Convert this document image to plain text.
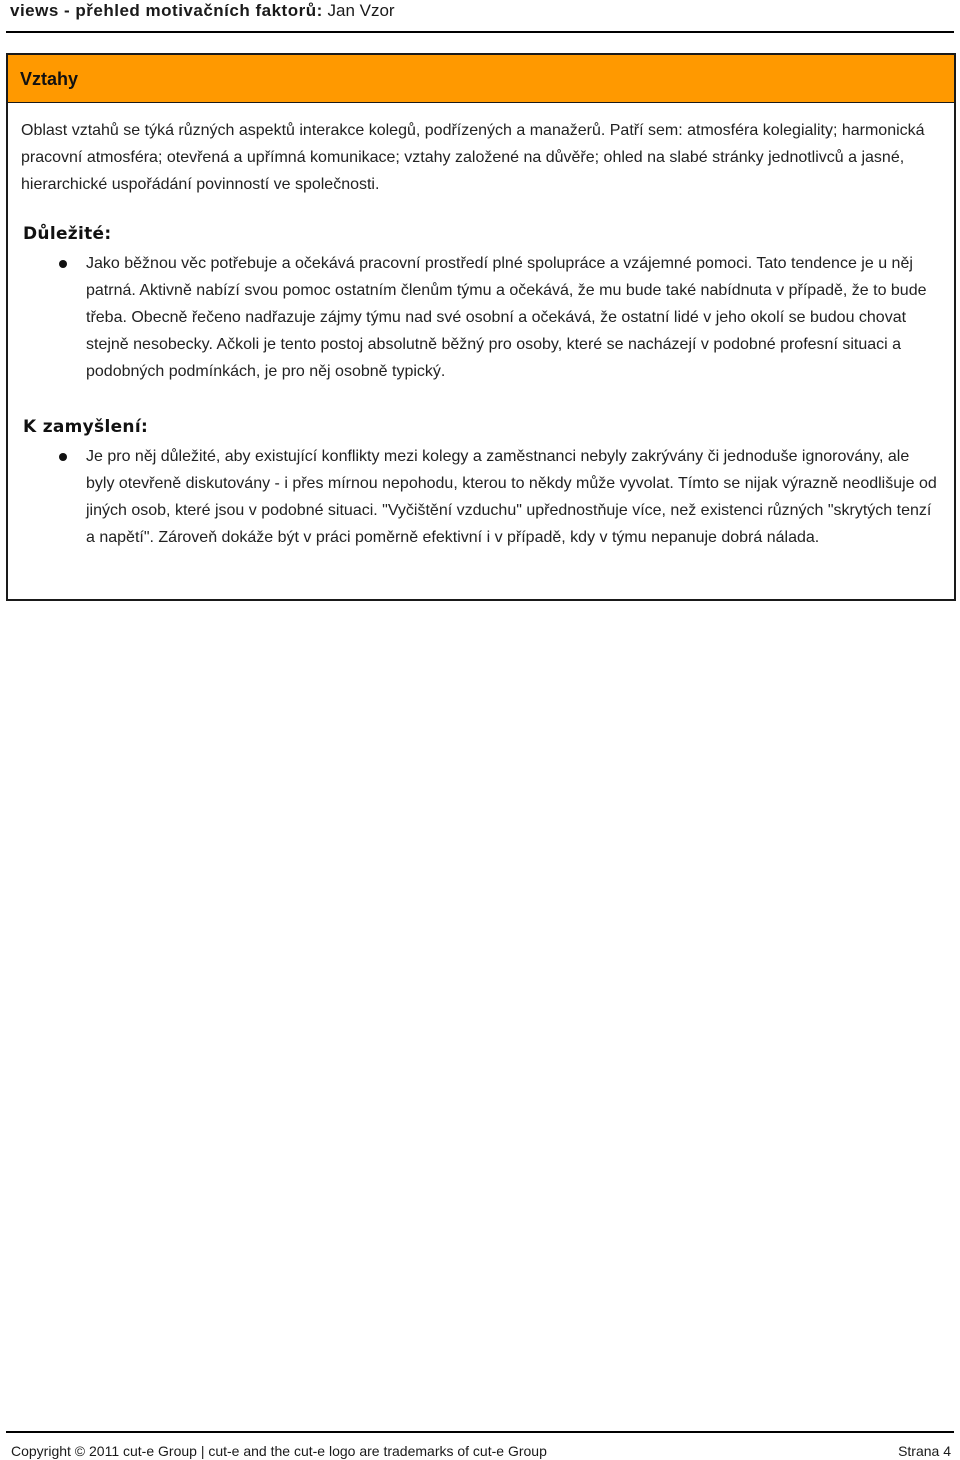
views - přehled motivačních faktorů: Jan Vzor
Vztahy
Oblast vztahů se týká různých aspektů interakce kolegů, podřízených a manažerů. Patří sem: atmosféra kolegiality; harmonická pracovní atmosféra; otevřená a upřímná komunikace; vztahy založené na důvěře; ohled na slabé stránky jednotlivců a jasné, hierarchické uspořádání povinností ve společnosti.
Důležité:
Jako běžnou věc potřebuje a očekává pracovní prostředí plné spolupráce a vzájemné pomoci. Tato tendence je u něj patrná. Aktivně nabízí svou pomoc ostatním členům týmu a očekává, že mu bude také nabídnuta v případě, že to bude třeba. Obecně řečeno nadřazuje zájmy týmu nad své osobní a očekává, že ostatní lidé v jeho okolí se budou chovat stejně nesobecky. Ačkoli je tento postoj absolutně běžný pro osoby, které se nacházejí v podobné profesní situaci a podobných podmínkách, je pro něj osobně typický.
K zamyšlení:
Je pro něj důležité, aby existující konflikty mezi kolegy a zaměstnanci nebyly zakrývány či jednoduše ignorovány, ale byly otevřeně diskutovány - i přes mírnou nepohodu, kterou to někdy může vyvolat. Tímto se nijak výrazně neodlišuje od jiných osob, které jsou v podobné situaci. "Vyčištění vzduchu" upřednostňuje více, než existenci různých "skrytých tenzí a napětí". Zároveň dokáže být v práci poměrně efektivní i v případě, kdy v týmu nepanuje dobrá nálada.
Copyright © 2011 cut-e Group | cut-e and the cut-e logo are trademarks of cut-e Group	Strana 4
